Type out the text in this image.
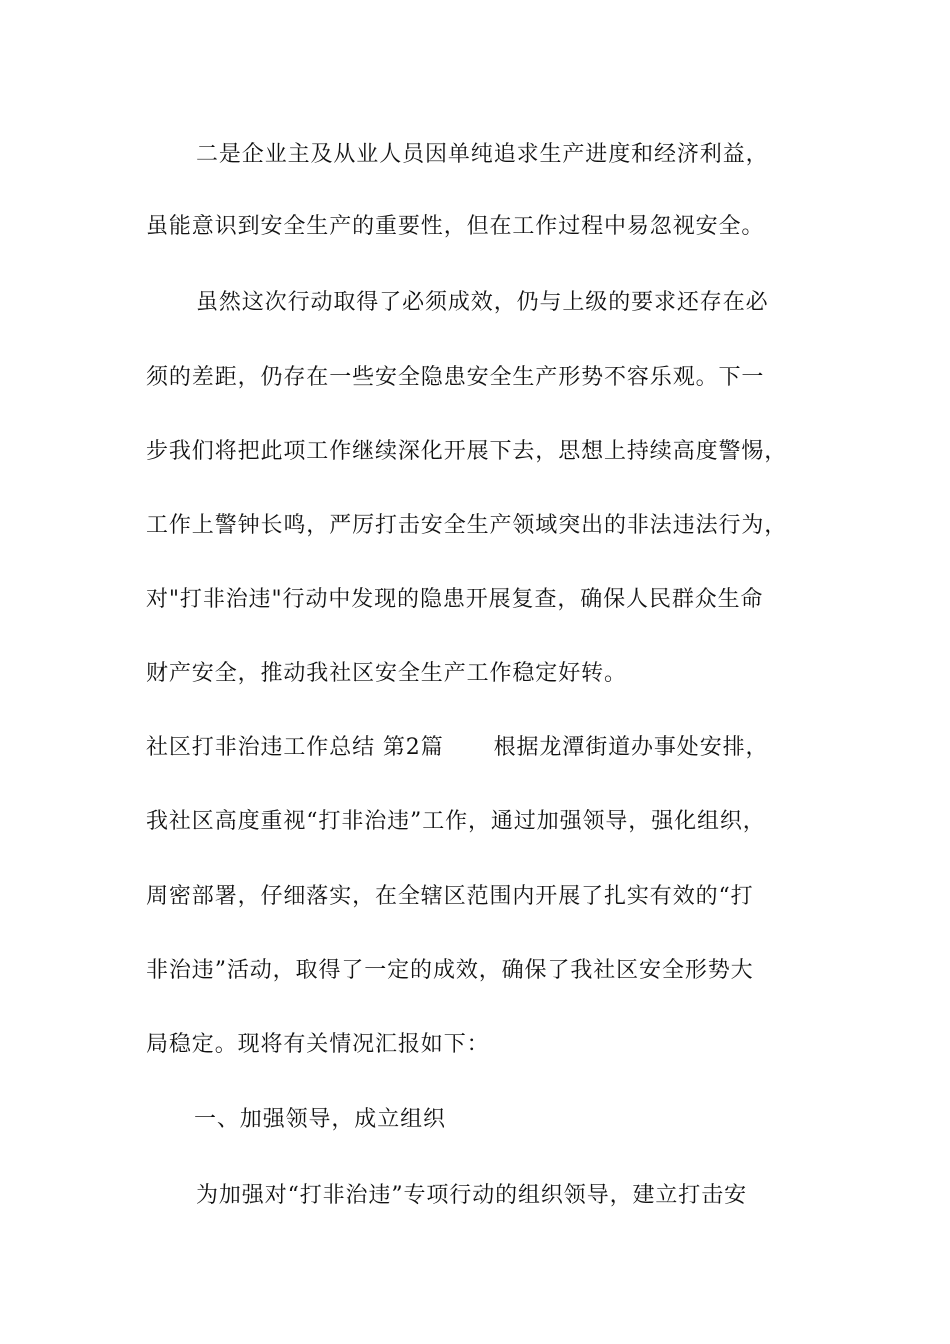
二是企业主及从业人员因单纯追求生产进度和经济利益，
虽能意识到安全生产的重要性，但在工作过程中易忽视安全。
虽然这次行动取得了必须成效，仍与上级的要求还存在必
须的差距，仍存在一些安全隐患安全生产形势不容乐观。下一
步我们将把此项工作继续深化开展下去，思想上持续高度警惕，
工作上警钟长鸣，严厉打击安全生产领域突出的非法违法行为，
对"打非治违"行动中发现的隐患开展复查，确保人民群众生命
财产安全，推动我社区安全生产工作稳定好转。
社区打非治违工作总结 第2篇 根据龙潭街道办事处安排，
我社区高度重视“打非治违”工作，通过加强领导，强化组织，
周密部署，仔细落实，在全辖区范围内开展了扎实有效的“打
非治违”活动，取得了一定的成效，确保了我社区安全形势大
局稳定。现将有关情况汇报如下：
一、加强领导，成立组织
为加强对“打非治违”专项行动的组织领导，建立打击安
